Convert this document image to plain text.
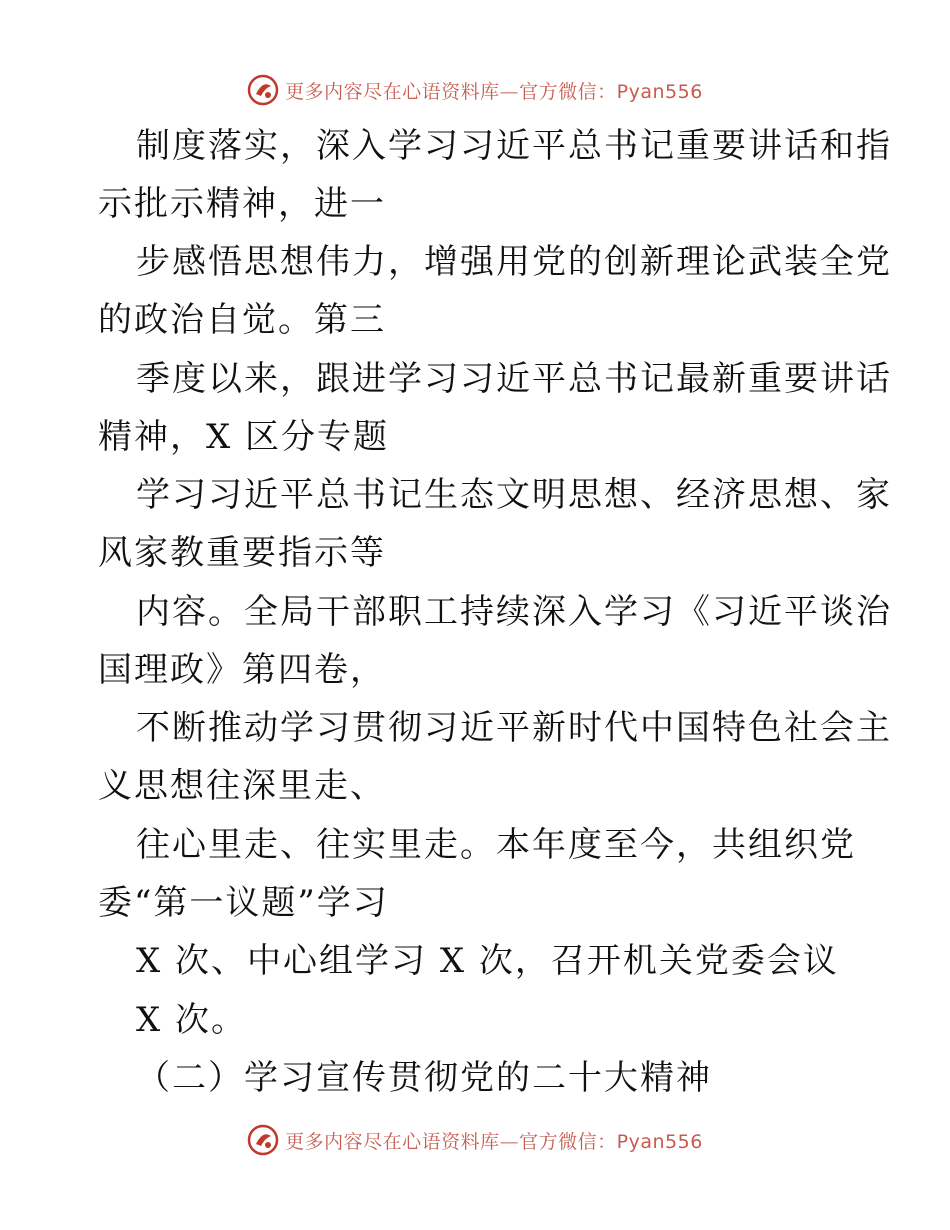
更多内容尽在心语资料库—官方微信：Pyan556
制度落实，深入学习习近平总书记重要讲话和指
示批示精神，进一
步感悟思想伟力，增强用党的创新理论武装全党
的政治自觉。第三
季度以来，跟进学习习近平总书记最新重要讲话
精神，X 区分专题
学习习近平总书记生态文明思想、经济思想、家
风家教重要指示等
内容。全局干部职工持续深入学习《习近平谈治
国理政》第四卷，
不断推动学习贯彻习近平新时代中国特色社会主
义思想往深里走、
往心里走、往实里走。本年度至今，共组织党
委“第一议题”学习
X 次、中心组学习 X 次，召开机关党委会议
X 次。
（二）学习宣传贯彻党的二十大精神
更多内容尽在心语资料库—官方微信：Pyan556
